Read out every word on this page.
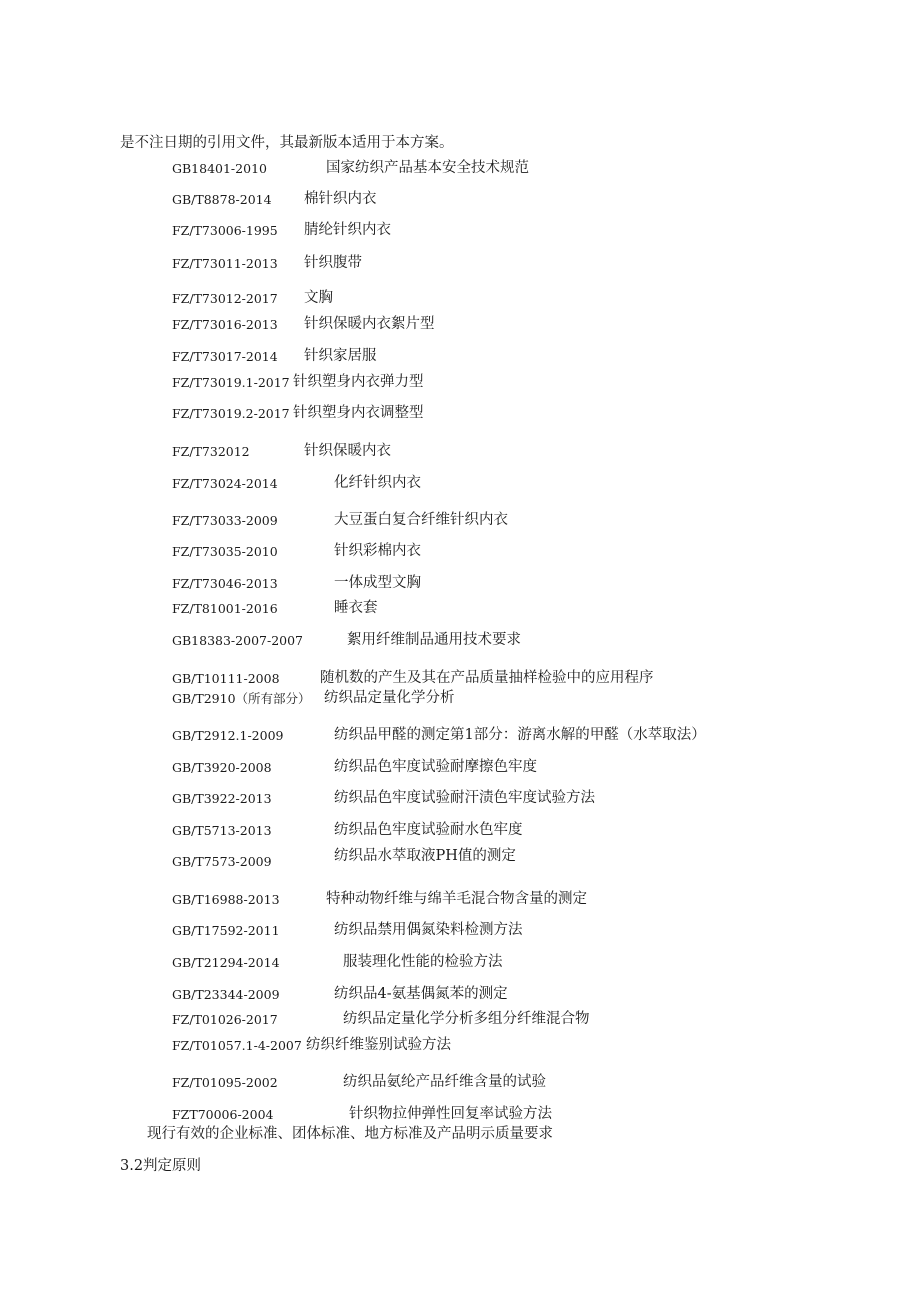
是不注日期的引用文件，其最新版本适用于本方案。
GB18401-2010	国家纺织产品基本安全技术规范
GB/T8878-2014 棉针织内衣
FZ/T73006-1995 腈纶针织内衣
FZ/T73011-2013 针织腹带
FZ/T73012-2017 文胸
FZ/T73016-2013 针织保暖内衣絮片型
FZ/T73017-2014 针织家居服
FZ/T73019.1-2017 针织塑身内衣弹力型
FZ/T73019.2-2017 针织塑身内衣调整型
FZ/T732012	针织保暖内衣
FZ/T73024-2014	化纤针织内衣
FZ/T73033-2009	大豆蛋白复合纤维针织内衣
FZ/T73035-2010	针织彩棉内衣
FZ/T73046-2013	一体成型文胸
FZ/T81001-2016	睡衣套
GB18383-2007-2007	絮用纤维制品通用技术要求
GB/T10111-2008	随机数的产生及其在产品质量抽样检验中的应用程序
GB/T2910（所有部分） 纺织品定量化学分析
GB/T2912.1-2009	纺织品甲醛的测定第1部分：游离水解的甲醛（水萃取法）
GB/T3920-2008	纺织品色牢度试验耐摩擦色牢度
GB/T3922-2013	纺织品色牢度试验耐汗渍色牢度试验方法
GB/T5713-2013	纺织品色牢度试验耐水色牢度
GB/T7573-2009	纺织品水萃取液PH值的测定
GB/T16988-2013	特种动物纤维与绵羊毛混合物含量的测定
GB/T17592-2011	纺织品禁用偶氮染料检测方法
GB/T21294-2014	服装理化性能的检验方法
GB/T23344-2009	纺织品4-氨基偶氮苯的测定
FZ/T01026-2017	纺织品定量化学分析多组分纤维混合物
FZ/T01057.1-4-2007 纺织纤维鉴别试验方法
FZ/T01095-2002	纺织品氨纶产品纤维含量的试验
FZT70006-2004	针织物拉伸弹性回复率试验方法
现行有效的企业标准、团体标准、地方标准及产品明示质量要求
3.2判定原则
